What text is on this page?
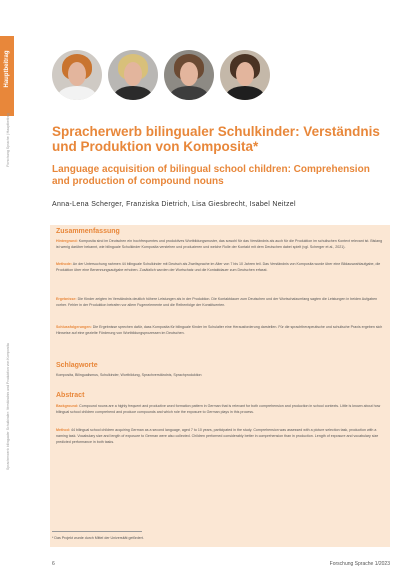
Hauptbeitrag
Forschung Sprache | Hauptbeitrag
Spracherwerb bilingualer Schulkinder: Verständnis und Produktion von Komposita
Spracherwerb bilingualer Schulkinder: Verständnis und Produktion von Komposita*
Language acquisition of bilingual school children: Comprehension and production of compound nouns
Anna-Lena Scherger, Franziska Dietrich, Lisa Giesbrecht, Isabel Neitzel
Zusammenfassung
Hintergrund: Komposita sind im Deutschen ein hochfrequentes und produktives Wortbildungsmuster, das sowohl für das Verständnis als auch für die Produktion im schulischen Kontext relevant ist. Bislang ist wenig darüber bekannt, wie bilinguale Schulkinder Komposita verstehen und produzieren und welche Rolle der Kontakt mit dem Deutschen dabei spielt (vgl. Scherger et al., 2021).
Methode: An der Untersuchung nahmen 44 bilinguale Schulkinder mit Deutsch als Zweitsprache im Alter von 7 bis 10 Jahren teil. Das Verständnis von Komposita wurde über eine Bildauswahlaufgabe, die Produktion über eine Benennungsaufgabe erhoben. Zusätzlich wurden der Wortschatz und die Kontaktdauer zum Deutschen erfasst.
Ergebnisse: Die Kinder zeigten im Verständnis deutlich höhere Leistungen als in der Produktion. Die Kontaktdauer zum Deutschen und der Wortschatzumfang sagten die Leistungen in beiden Aufgaben vorher. Fehler in der Produktion betrafen vor allem Fugenelemente und die Reihenfolge der Konstituenten.
Schlussfolgerungen: Die Ergebnisse sprechen dafür, dass Komposita für bilinguale Kinder im Schulalter eine Herausforderung darstellen. Für die sprachtherapeutische und schulische Praxis ergeben sich Hinweise auf eine gezielte Förderung von Wortbildungsprozessen im Deutschen.
Schlagworte
Komposita, Bilingualismus, Schulkinder, Wortbildung, Sprachverständnis, Sprachproduktion
Abstract
Background: Compound nouns are a highly frequent and productive word formation pattern in German that is relevant for both comprehension and production in school contexts. Little is known about how bilingual school children comprehend and produce compounds and which role the exposure to German plays in this process.
Method: 44 bilingual school children acquiring German as a second language, aged 7 to 10 years, participated in the study. Comprehension was assessed with a picture selection task, production with a naming task. Vocabulary size and length of exposure to German were also collected. Children performed considerably better in comprehension than in production. Length of exposure and vocabulary size predicted performance in both tasks.
* Das Projekt wurde durch Mittel der Universität gefördert.
6	Forschung Sprache 1/2023
